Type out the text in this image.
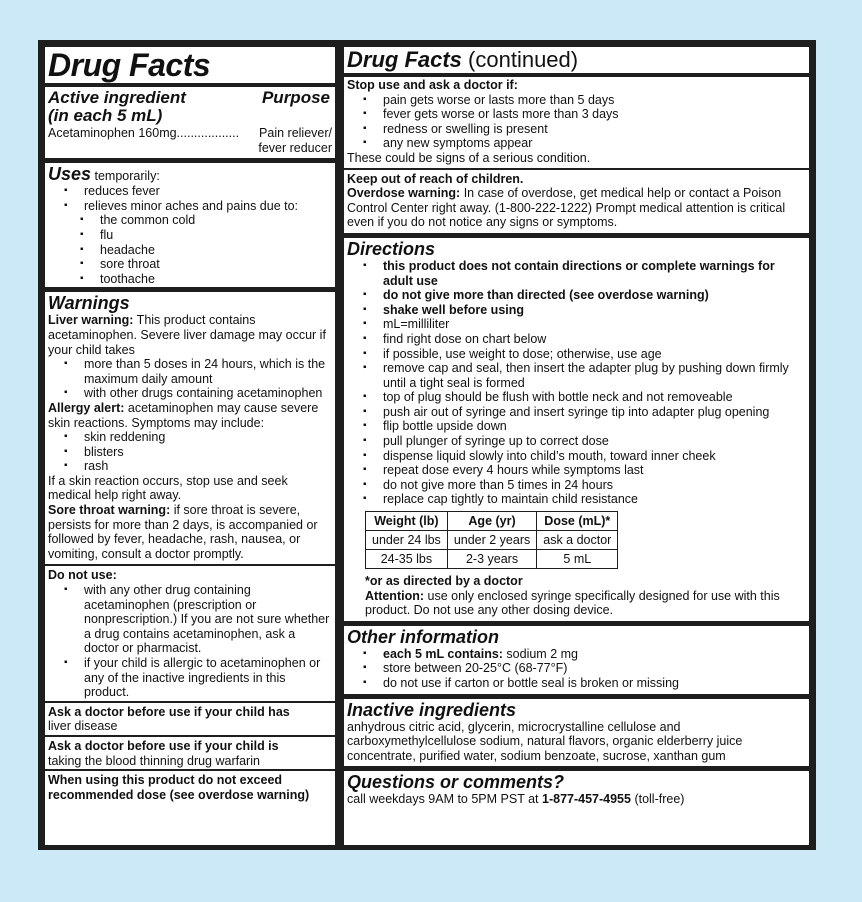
Drug Facts
Active ingredient	Purpose
(in each 5 mL)
Acetaminophen 160mg.................. Pain reliever/
fever reducer
Uses temporarily:
▪ reduces fever
▪ relieves minor aches and pains due to:
▪ the common cold
▪ flu
▪ headache
▪ sore throat
▪ toothache
Warnings
Liver warning: This product contains acetaminophen. Severe liver damage may occur if your child takes
▪ more than 5 doses in 24 hours, which is the maximum daily amount
▪ with other drugs containing acetaminophen
Allergy alert: acetaminophen may cause severe skin reactions. Symptoms may include:
▪ skin reddening
▪ blisters
▪ rash
If a skin reaction occurs, stop use and seek medical help right away.
Sore throat warning: if sore throat is severe, persists for more than 2 days, is accompanied or followed by fever, headache, rash, nausea, or vomiting, consult a doctor promptly.
Do not use:
▪ with any other drug containing acetaminophen (prescription or nonprescription.) If you are not sure whether a drug contains acetaminophen, ask a doctor or pharmacist.
▪ if your child is allergic to acetaminophen or any of the inactive ingredients in this product.
Ask a doctor before use if your child has
liver disease
Ask a doctor before use if your child is
taking the blood thinning drug warfarin
When using this product do not exceed
recommended dose (see overdose warning)
Drug Facts (continued)
Stop use and ask a doctor if:
▪ pain gets worse or lasts more than 5 days
▪ fever gets worse or lasts more than 3 days
▪ redness or swelling is present
▪ any new symptoms appear
These could be signs of a serious condition.
Keep out of reach of children.
Overdose warning: In case of overdose, get medical help or contact a Poison Control Center right away. (1-800-222-1222) Prompt medical attention is critical even if you do not notice any signs or symptoms.
Directions
▪ this product does not contain directions or complete warnings for adult use
▪ do not give more than directed (see overdose warning)
▪ shake well before using
▪ mL=milliliter
▪ find right dose on chart below
▪ if possible, use weight to dose; otherwise, use age
▪ remove cap and seal, then insert the adapter plug by pushing down firmly until a tight seal is formed
▪ top of plug should be flush with bottle neck and not removeable
▪ push air out of syringe and insert syringe tip into adapter plug opening
▪ flip bottle upside down
▪ pull plunger of syringe up to correct dose
▪ dispense liquid slowly into child’s mouth, toward inner cheek
▪ repeat dose every 4 hours while symptoms last
▪ do not give more than 5 times in 24 hours
▪ replace cap tightly to maintain child resistance
Weight (lb)	Age (yr)	Dose (mL)*
under 24 lbs	under 2 years	ask a doctor
24-35 lbs	2-3 years	5 mL
*or as directed by a doctor
Attention: use only enclosed syringe specifically designed for use with this product. Do not use any other dosing device.
Other information
▪ each 5 mL contains: sodium 2 mg
▪ store between 20-25°C (68-77°F)
▪ do not use if carton or bottle seal is broken or missing
Inactive ingredients
anhydrous citric acid, glycerin, microcrystalline cellulose and carboxymethylcellulose sodium, natural flavors, organic elderberry juice concentrate, purified water, sodium benzoate, sucrose, xanthan gum
Questions or comments?
call weekdays 9AM to 5PM PST at 1-877-457-4955 (toll-free)
